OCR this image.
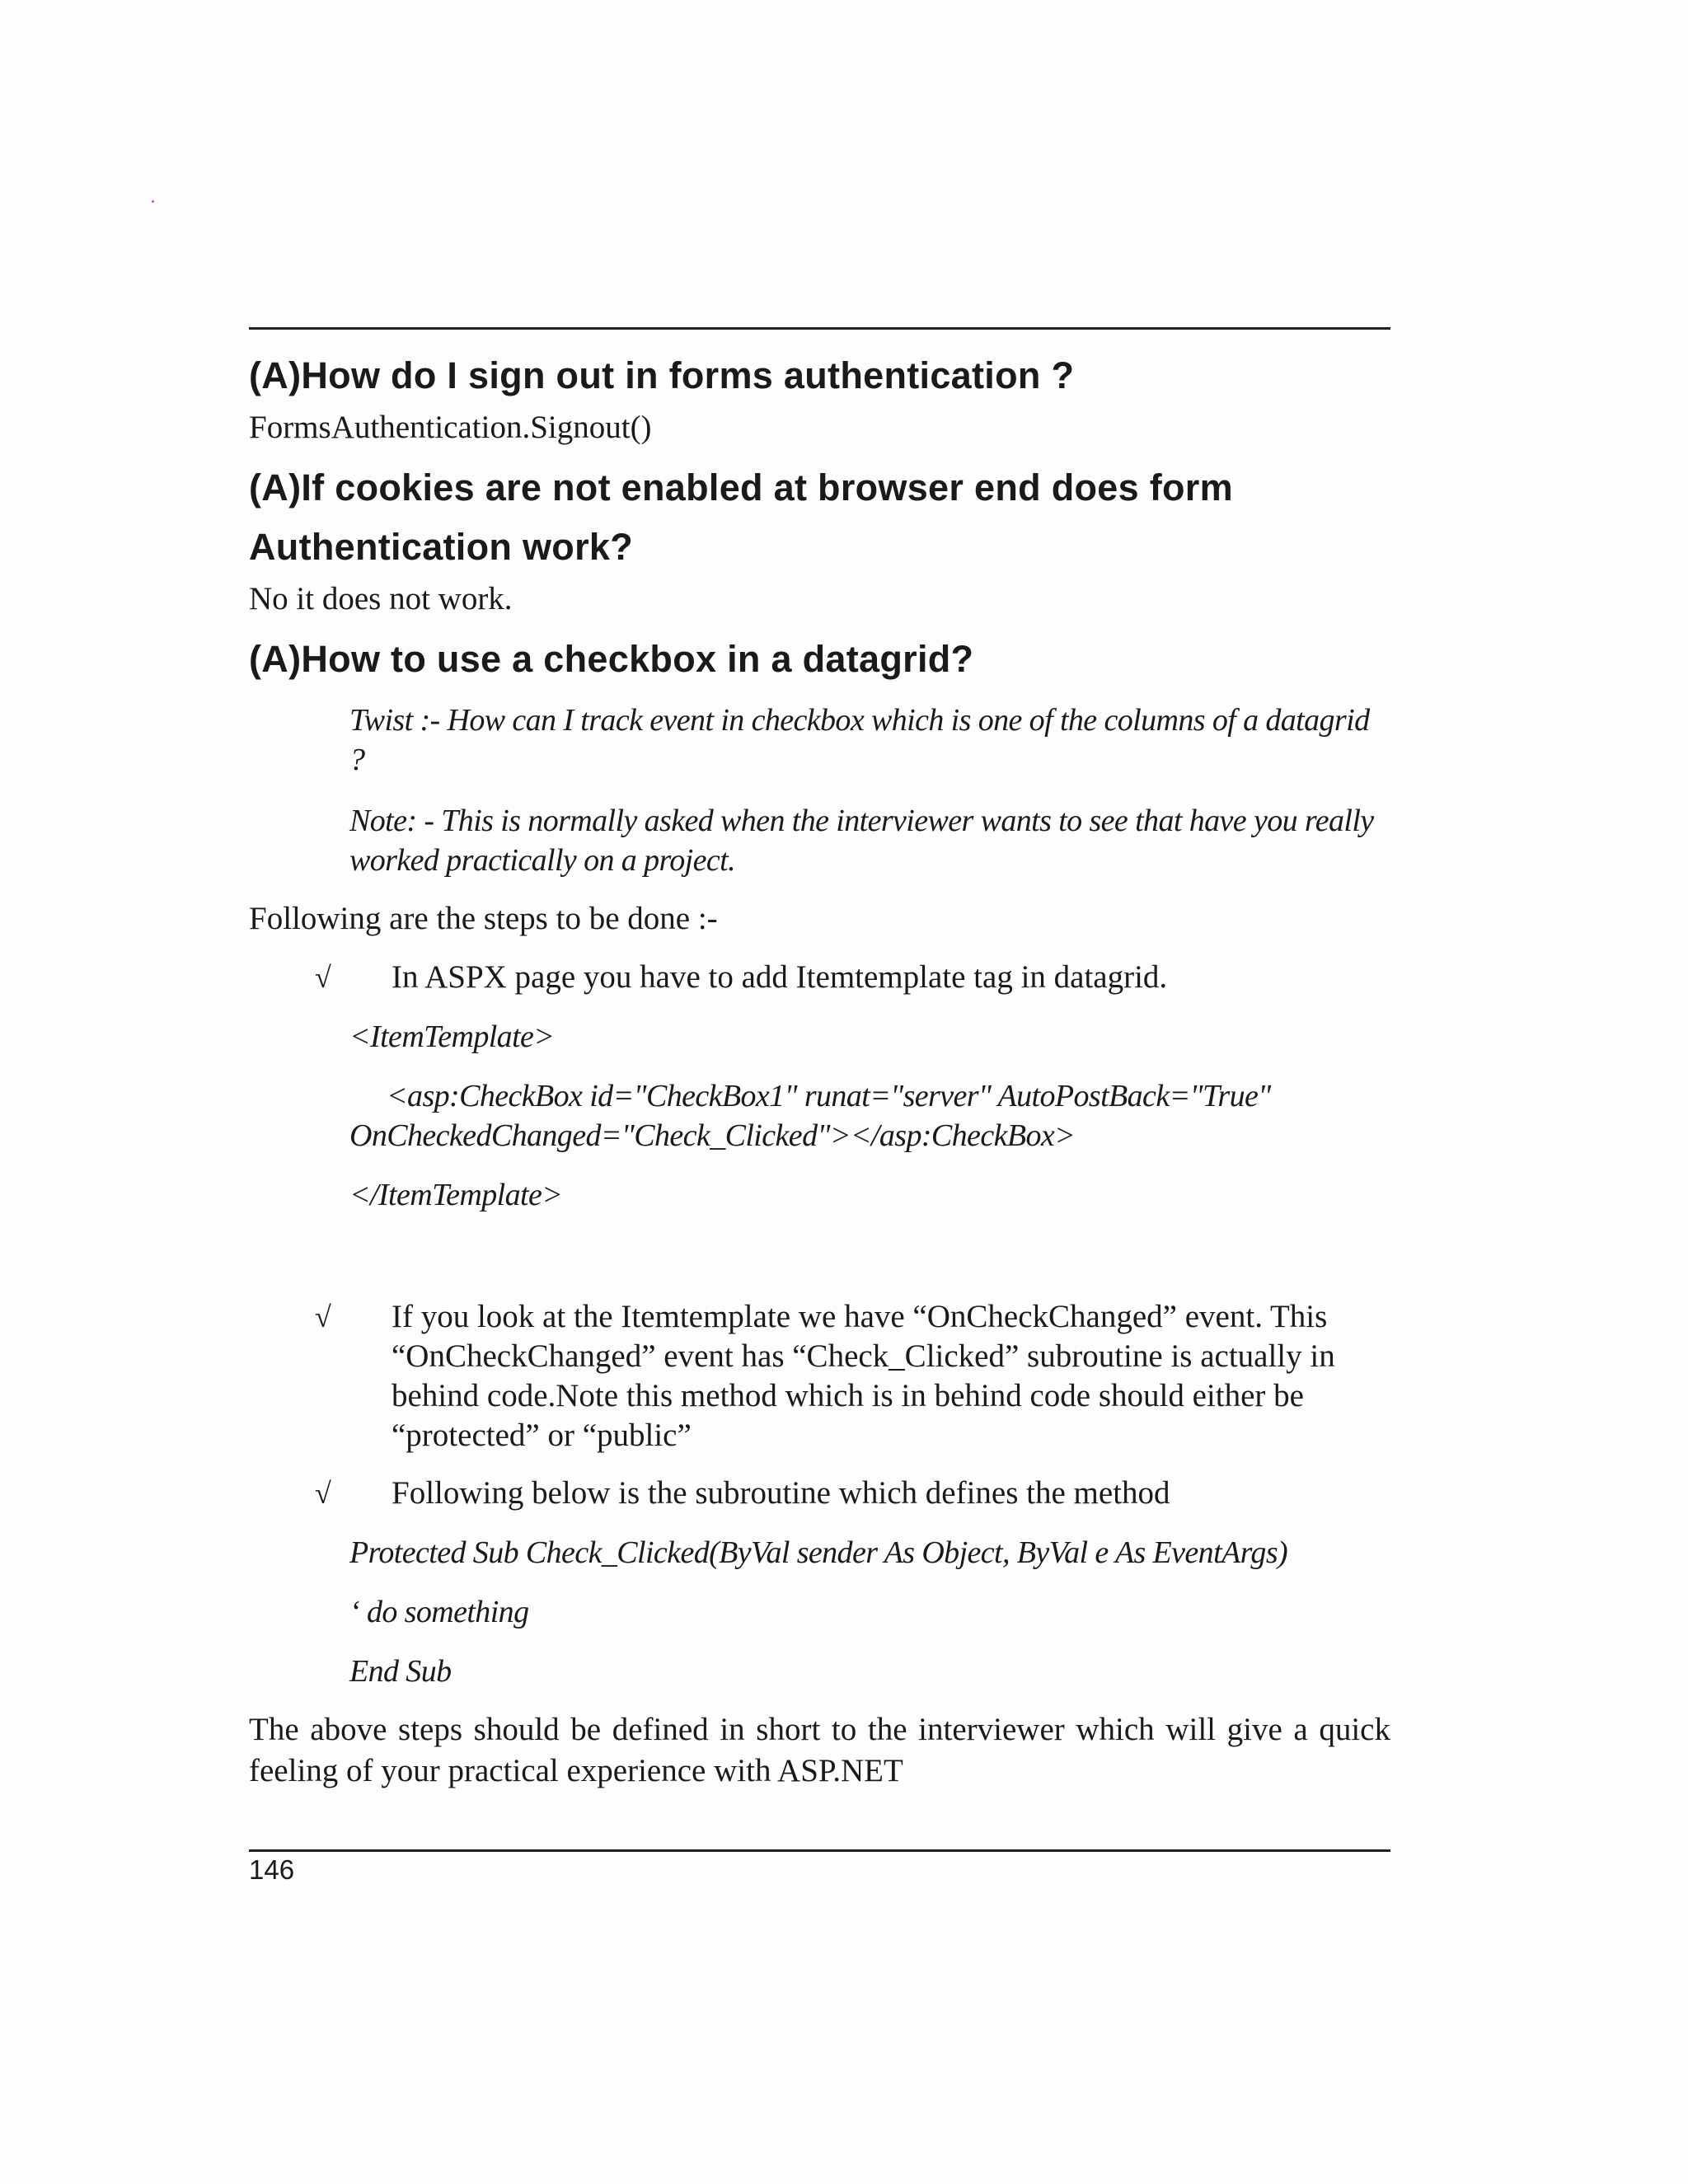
(A)How do I sign out in forms authentication ?

FormsAuthentication.Signout()

(A)If cookies are not enabled at browser end does form
Authentication work?

No it does not work.

(A)How to use a checkbox in a datagrid?

Twist :- How can I track event in checkbox which is one of the columns of a datagrid ?

Note: - This is normally asked when the interviewer wants to see that have you really

worked practically on a project.

Following are the steps to be done :-

√ In ASPX page you have to add Itemtemplate tag in datagrid.

<ItemTemplate>

<asp:CheckBox id="CheckBox1" runat="server" AutoPostBack="True"

OnCheckedChanged="Check_Clicked"></asp:CheckBox>

</ItemTemplate>

√ If you look at the Itemtemplate we have “OnCheckChanged” event. This
“OnCheckChanged” event has “Check_Clicked” subroutine is actually in
behind code.Note this method which is in behind code should either be
“protected” or “public”
√ Following below is the subroutine which defines the method

Protected Sub Check_Clicked(ByVal sender As Object, ByVal e As EventArgs)

‘ do something

End Sub

The above steps should be defined in short to the interviewer which will give a quick

feeling of your practical experience with ASP.NET

146
